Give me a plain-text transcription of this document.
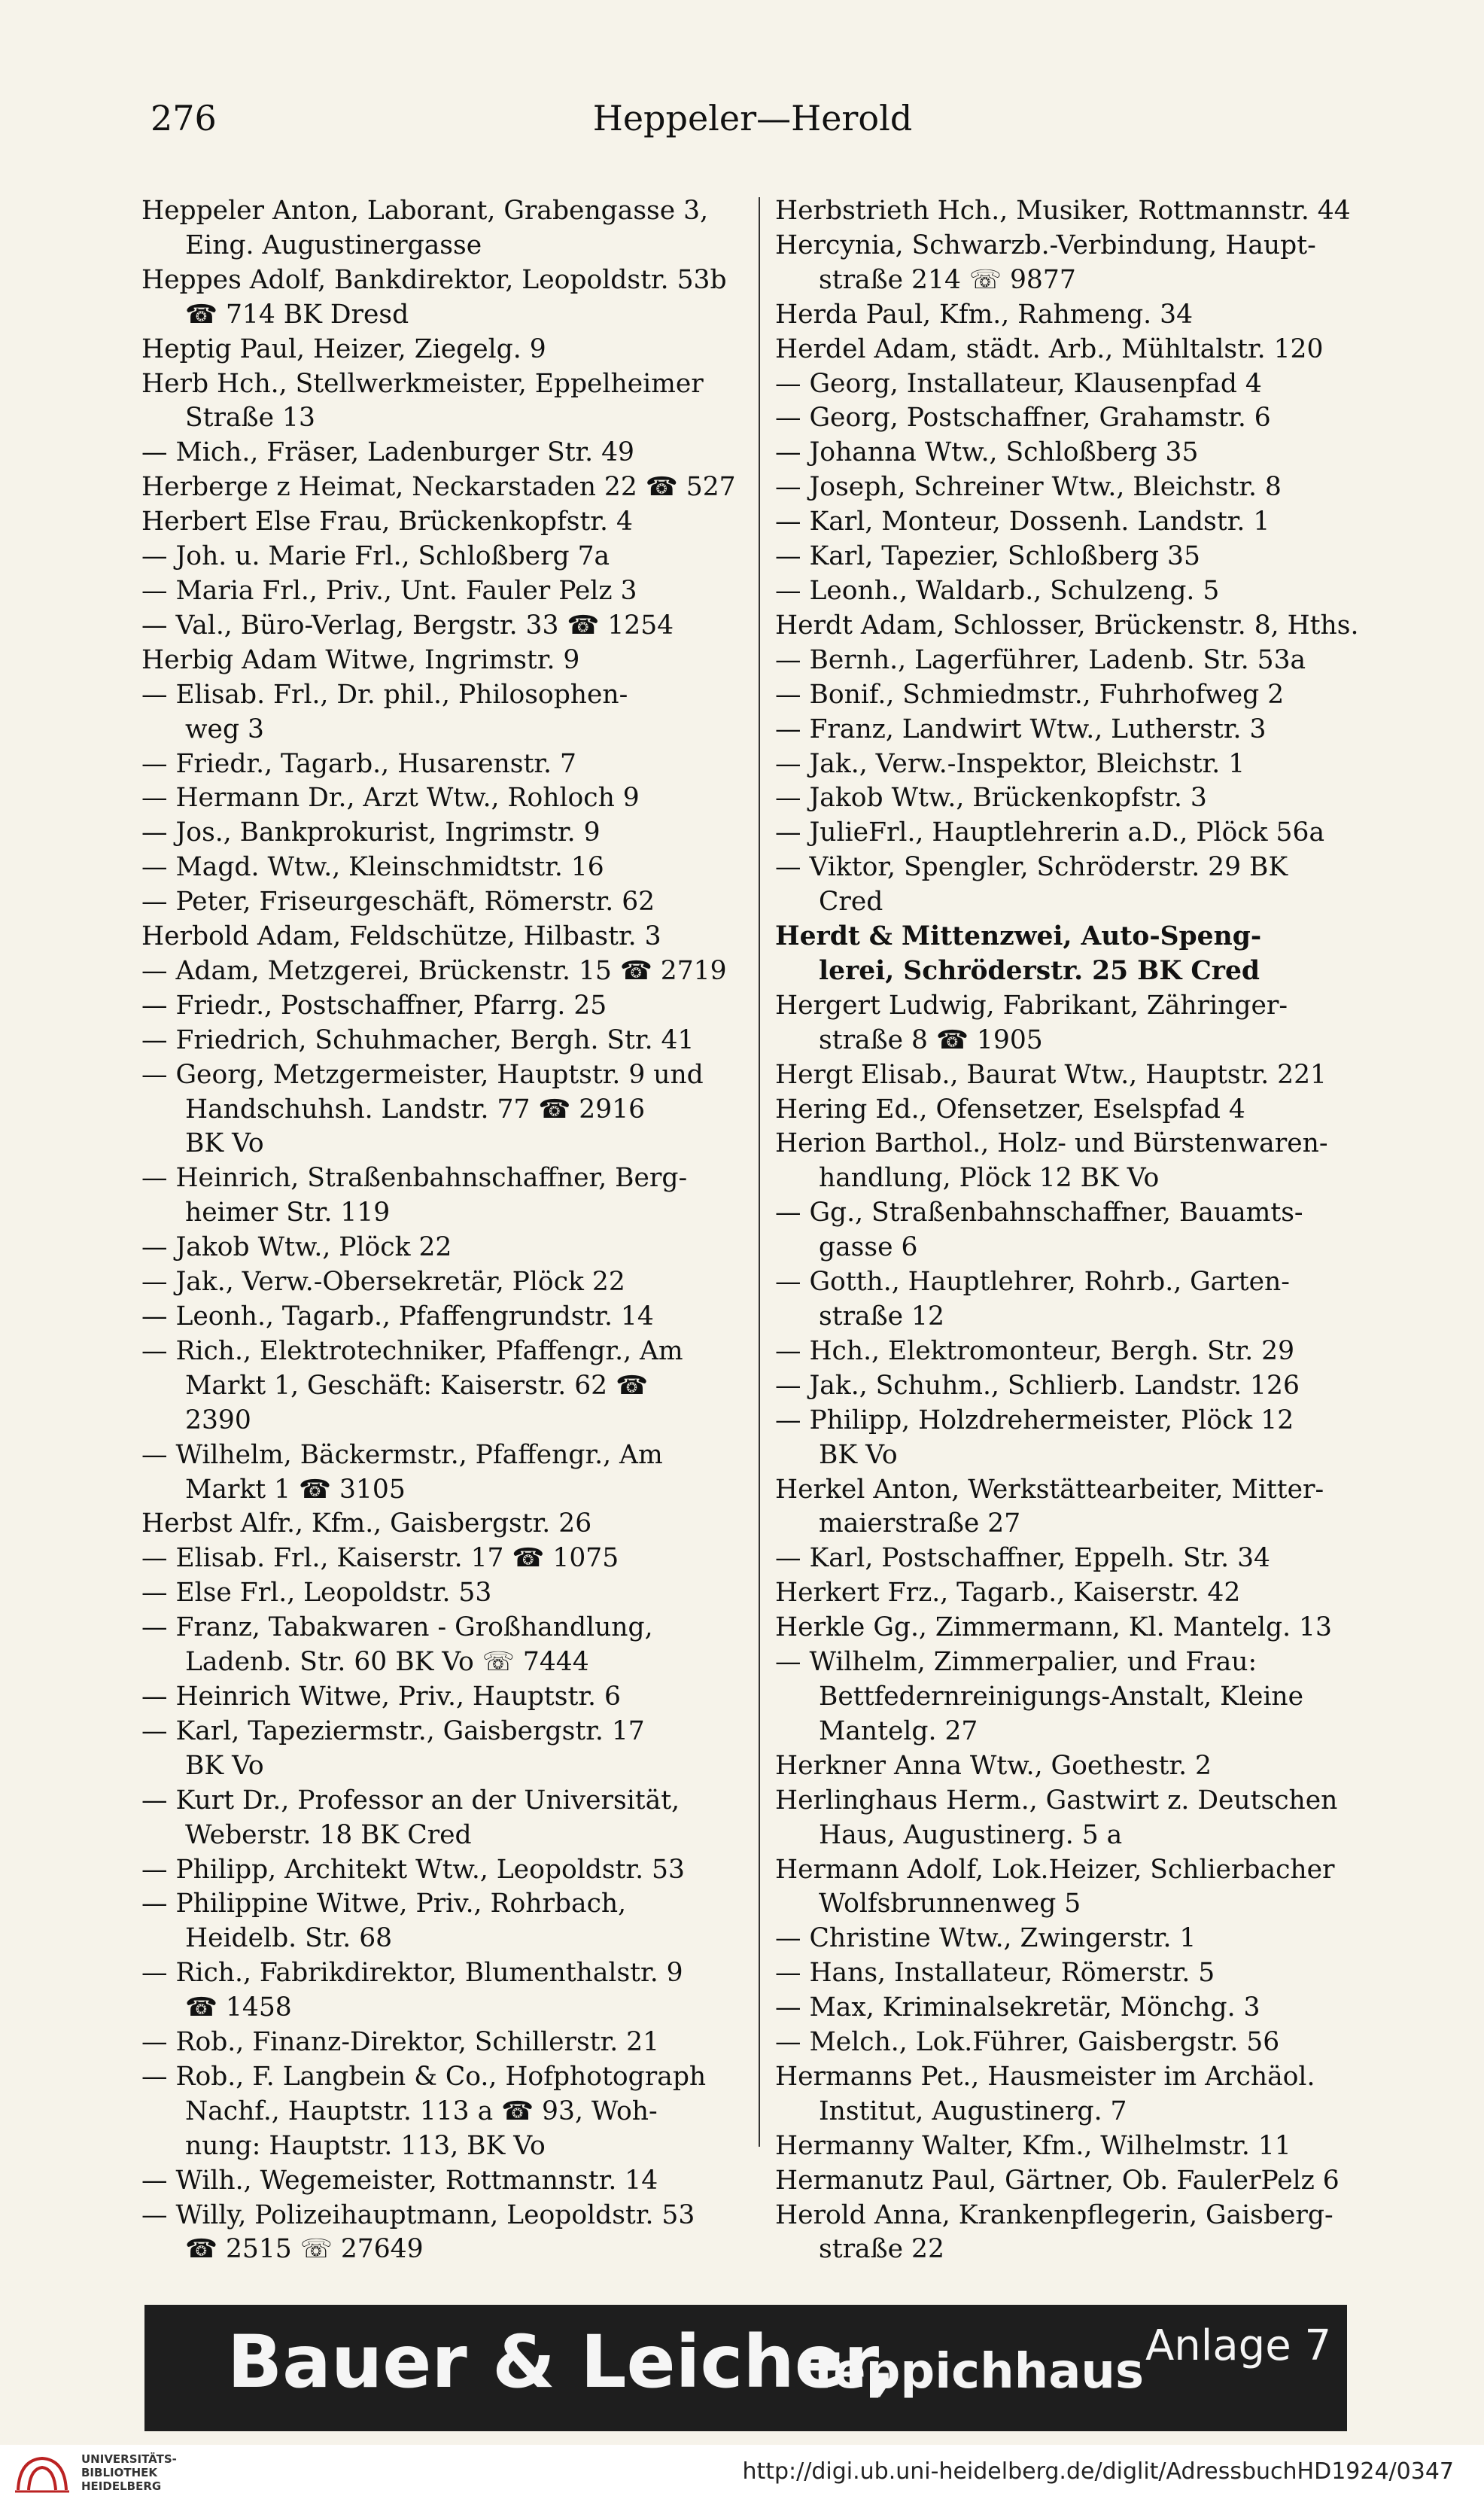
276	Heppeler—Herold
Heppeler Anton, Laborant, Grabengasse 3,
Eing. Augustinergasse
Heppes Adolf, Bankdirektor, Leopoldstr. 53b
☎ 714 BK Dresd
Heptig Paul, Heizer, Ziegelg. 9
Herb Hch., Stellwerkmeister, Eppelheimer
Straße 13
— Mich., Fräser, Ladenburger Str. 49
Herberge z Heimat, Neckarstaden 22 ☎ 527
Herbert Else Frau, Brückenkopfstr. 4
— Joh. u. Marie Frl., Schloßberg 7a
— Maria Frl., Priv., Unt. Fauler Pelz 3
— Val., Büro-Verlag, Bergstr. 33 ☎ 1254
Herbig Adam Witwe, Ingrimstr. 9
— Elisab. Frl., Dr. phil., Philosophen-
weg 3
— Friedr., Tagarb., Husarenstr. 7
— Hermann Dr., Arzt Wtw., Rohloch 9
— Jos., Bankprokurist, Ingrimstr. 9
— Magd. Wtw., Kleinschmidtstr. 16
— Peter, Friseurgeschäft, Römerstr. 62
Herbold Adam, Feldschütze, Hilbastr. 3
— Adam, Metzgerei, Brückenstr. 15 ☎ 2719
— Friedr., Postschaffner, Pfarrg. 25
— Friedrich, Schuhmacher, Bergh. Str. 41
— Georg, Metzgermeister, Hauptstr. 9 und
Handschuhsh. Landstr. 77 ☎ 2916
BK Vo
— Heinrich, Straßenbahnschaffner, Berg-
heimer Str. 119
— Jakob Wtw., Plöck 22
— Jak., Verw.-Obersekretär, Plöck 22
— Leonh., Tagarb., Pfaffengrundstr. 14
— Rich., Elektrotechniker, Pfaffengr., Am
Markt 1, Geschäft: Kaiserstr. 62 ☎
2390
— Wilhelm, Bäckermstr., Pfaffengr., Am
Markt 1 ☎ 3105
Herbst Alfr., Kfm., Gaisbergstr. 26
— Elisab. Frl., Kaiserstr. 17 ☎ 1075
— Else Frl., Leopoldstr. 53
— Franz, Tabakwaren - Großhandlung,
Ladenb. Str. 60 BK Vo ☏ 7444
— Heinrich Witwe, Priv., Hauptstr. 6
— Karl, Tapeziermstr., Gaisbergstr. 17
BK Vo
— Kurt Dr., Professor an der Universität,
Weberstr. 18 BK Cred
— Philipp, Architekt Wtw., Leopoldstr. 53
— Philippine Witwe, Priv., Rohrbach,
Heidelb. Str. 68
— Rich., Fabrikdirektor, Blumenthalstr. 9
☎ 1458
— Rob., Finanz-Direktor, Schillerstr. 21
— Rob., F. Langbein & Co., Hofphotograph
Nachf., Hauptstr. 113 a ☎ 93, Woh-
nung: Hauptstr. 113, BK Vo
— Wilh., Wegemeister, Rottmannstr. 14
— Willy, Polizeihauptmann, Leopoldstr. 53
☎ 2515 ☏ 27649
Herbstrieth Hch., Musiker, Rottmannstr. 44
Hercynia, Schwarzb.-Verbindung, Haupt-
straße 214 ☏ 9877
Herda Paul, Kfm., Rahmeng. 34
Herdel Adam, städt. Arb., Mühltalstr. 120
— Georg, Installateur, Klausenpfad 4
— Georg, Postschaffner, Grahamstr. 6
— Johanna Wtw., Schloßberg 35
— Joseph, Schreiner Wtw., Bleichstr. 8
— Karl, Monteur, Dossenh. Landstr. 1
— Karl, Tapezier, Schloßberg 35
— Leonh., Waldarb., Schulzeng. 5
Herdt Adam, Schlosser, Brückenstr. 8, Hths.
— Bernh., Lagerführer, Ladenb. Str. 53a
— Bonif., Schmiedmstr., Fuhrhofweg 2
— Franz, Landwirt Wtw., Lutherstr. 3
— Jak., Verw.-Inspektor, Bleichstr. 1
— Jakob Wtw., Brückenkopfstr. 3
— JulieFrl., Hauptlehrerin a.D., Plöck 56a
— Viktor, Spengler, Schröderstr. 29 BK
Cred
Herdt & Mittenzwei, Auto-Speng-
lerei, Schröderstr. 25 BK Cred
Hergert Ludwig, Fabrikant, Zähringer-
straße 8 ☎ 1905
Hergt Elisab., Baurat Wtw., Hauptstr. 221
Hering Ed., Ofensetzer, Eselspfad 4
Herion Barthol., Holz- und Bürstenwaren-
handlung, Plöck 12 BK Vo
— Gg., Straßenbahnschaffner, Bauamts-
gasse 6
— Gotth., Hauptlehrer, Rohrb., Garten-
straße 12
— Hch., Elektromonteur, Bergh. Str. 29
— Jak., Schuhm., Schlierb. Landstr. 126
— Philipp, Holzdrehermeister, Plöck 12
BK Vo
Herkel Anton, Werkstättearbeiter, Mitter-
maierstraße 27
— Karl, Postschaffner, Eppelh. Str. 34
Herkert Frz., Tagarb., Kaiserstr. 42
Herkle Gg., Zimmermann, Kl. Mantelg. 13
— Wilhelm, Zimmerpalier, und Frau:
Bettfedernreinigungs-Anstalt, Kleine
Mantelg. 27
Herkner Anna Wtw., Goethestr. 2
Herlinghaus Herm., Gastwirt z. Deutschen
Haus, Augustinerg. 5 a
Hermann Adolf, Lok.Heizer, Schlierbacher
Wolfsbrunnenweg 5
— Christine Wtw., Zwingerstr. 1
— Hans, Installateur, Römerstr. 5
— Max, Kriminalsekretär, Mönchg. 3
— Melch., Lok.Führer, Gaisbergstr. 56
Hermanns Pet., Hausmeister im Archäol.
Institut, Augustinerg. 7
Hermanny Walter, Kfm., Wilhelmstr. 11
Hermanutz Paul, Gärtner, Ob. FaulerPelz 6
Herold Anna, Krankenpflegerin, Gaisberg-
straße 22
Bauer & Leicher,
Teppichhaus Anlage 7
UNIVERSITÄTS-
BIBLIOTHEK
HEIDELBERG
http://digi.ub.uni-heidelberg.de/diglit/AdressbuchHD1924/0347
